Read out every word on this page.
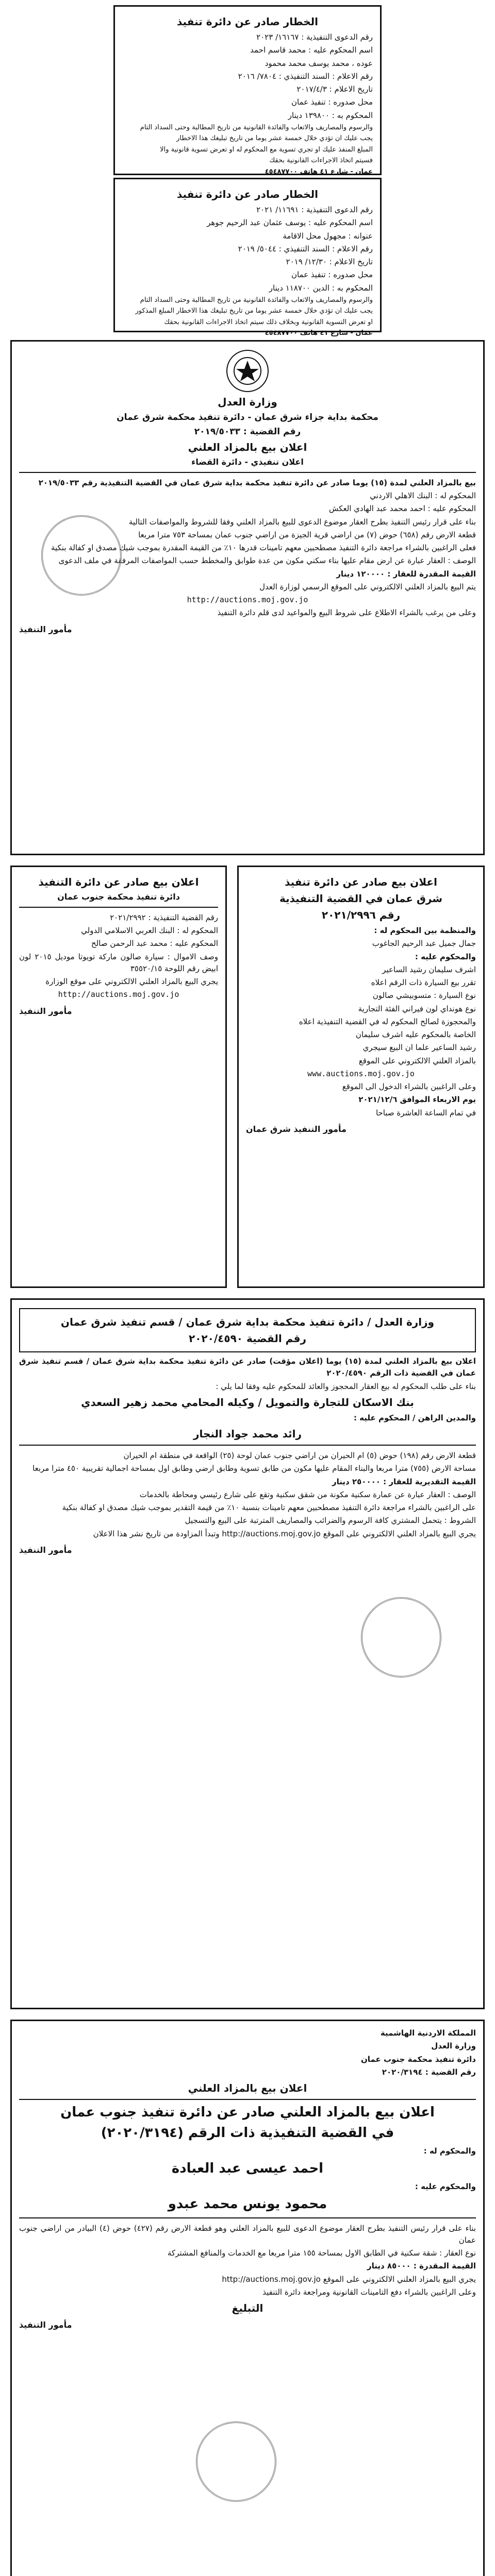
الخطار صادر عن دائرة تنفيذ
رقم الدعوى التنفيذية : ١٦١٦٧/ ٢٠٢٣
اسم المحكوم عليه : محمد قاسم احمد
عوده ، محمد يوسف محمد محمود
رقم الاعلام : السند التنفيذي : ٧٨٠٤/ ٢٠١٦
تاريخ الاعلام : ٢٠١٧/٤/٣
محل صدوره : تنفيذ عمان
المحكوم به : ١٣٩٨٠٠ دينار
والرسوم والمصاريف والاتعاب والفائدة القانونية من تاريخ المطالبة وحتى السداد التام
يجب عليك ان تؤدي خلال خمسة عشر يوما من تاريخ تبليغك هذا الاخطار
المبلغ المنفذ عليك او تجري تسوية مع المحكوم له او تعرض تسوية قانونية والا
فسيتم اتخاذ الاجراءات القانونية بحقك
عمان - شارع ٤١ هاتف ٤٥٤٨٧٧٠٠
الخطار صادر عن دائرة تنفيذ
رقم الدعوى التنفيذية : ١١٦٩١/ ٢٠٢١
اسم المحكوم عليه : يوسف عثمان عبد الرحيم جوهر
عنوانه : مجهول محل الاقامة
رقم الاعلام : السند التنفيذي : ٥٠٤٤/ ٢٠١٩
تاريخ الاعلام : ١٢/٣٠/ ٢٠١٩
محل صدوره : تنفيذ عمان
المحكوم به : الدين ١١٨٧٠٠ دينار
والرسوم والمصاريف والاتعاب والفائدة القانونية من تاريخ المطالبة وحتى السداد التام
يجب عليك ان تؤدي خلال خمسة عشر يوما من تاريخ تبليغك هذا الاخطار المبلغ المذكور
او تعرض التسوية القانونية وبخلاف ذلك سيتم اتخاذ الاجراءات القانونية بحقك
عمان - شارع ٤١ هاتف ٤٥٤٨٧٧٠٠
وزارة العدل
محكمة بداية جزاء شرق عمان - دائرة تنفيذ محكمة شرق عمان
رقم القضية : ٢٠١٩/٥٠٣٣
اعلان بيع بالمزاد العلني
اعلان تنفيذي - دائرة القضاء
بيع بالمزاد العلني لمدة (١٥) يوما صادر عن دائرة تنفيذ محكمة بداية شرق عمان في القضية التنفيذية رقم ٢٠١٩/٥٠٣٣
المحكوم له : البنك الاهلي الاردني
المحكوم عليه : احمد محمد عبد الهادي العكش
بناء على قرار رئيس التنفيذ بطرح العقار موضوع الدعوى للبيع بالمزاد العلني وفقا للشروط والمواصفات التالية
قطعة الارض رقم (٦٥٨) حوض (٧) من اراضي قرية الجيزة من اراضي جنوب عمان بمساحة ٧٥٣ مترا مربعا
فعلى الراغبين بالشراء مراجعة دائرة التنفيذ مصطحبين معهم تامينات قدرها ١٠٪ من القيمة المقدرة بموجب شيك مصدق او كفالة بنكية
الوصف : العقار عبارة عن ارض مقام عليها بناء سكني مكون من عدة طوابق والمخطط حسب المواصفات المرفقة في ملف الدعوى
القيمة المقدرة للعقار : ١٢٠٠٠٠ دينار
يتم البيع بالمزاد العلني الالكتروني على الموقع الرسمي لوزارة العدل
http://auctions.moj.gov.jo
وعلى من يرغب بالشراء الاطلاع على شروط البيع والمواعيد لدى قلم دائرة التنفيذ
مأمور التنفيذ
اعلان بيع صادر عن دائرة التنفيذ
دائرة تنفيذ محكمة جنوب عمان
رقم القضية التنفيذية : ٢٠٢١/٢٩٩٢
المحكوم له : البنك العربي الاسلامي الدولي
المحكوم عليه : محمد عبد الرحمن صالح
وصف الاموال : سيارة صالون ماركة تويوتا موديل ٢٠١٥ لون ابيض رقم اللوحة ٣٥٥٢٠/١٥
يجري البيع بالمزاد العلني الالكتروني على موقع الوزارة
http://auctions.moj.gov.jo
مأمور التنفيذ
اعلان بيع صادر عن دائرة تنفيذ
شرق عمان في القضية التنفيذية
رقم ٢٠٢١/٢٩٩٦
والمنظمة بين المحكوم له :
جمال جميل عبد الرحيم الجاغوب
والمحكوم عليه :
اشرف سليمان رشيد الساعير
تقرر بيع السيارة ذات الرقم اعلاه
نوع السيارة : متسوبيشي صالون
نوع هونداي لون فيراني الفئة التجارية
والمحجوزة لصالح المحكوم له في القضية التنفيذية اعلاه
الخاصة بالمحكوم عليه اشرف سليمان
رشيد الساعير علما ان البيع سيجري
بالمزاد العلني الالكتروني على الموقع
www.auctions.moj.gov.jo
وعلى الراغبين بالشراء الدخول الى الموقع
يوم الاربعاء الموافق ٢٠٢١/١٢/٦
في تمام الساعة العاشرة صباحا
مأمور التنفيذ شرق عمان
وزارة العدل / دائرة تنفيذ محكمة بداية شرق عمان / قسم تنفيذ شرق عمان
رقم القضية ٢٠٢٠/٤٥٩٠
اعلان بيع بالمزاد العلني لمدة (١٥) يوما (اعلان مؤقت) صادر عن دائرة تنفيذ محكمة بداية شرق عمان / قسم تنفيذ شرق عمان في القضية ذات الرقم ٢٠٢٠/٤٥٩٠
بناء على طلب المحكوم له بيع العقار المحجوز والعائد للمحكوم عليه وفقا لما يلي :
بنك الاسكان للتجارة والتمويل / وكيله المحامي محمد زهير السعدي
والمدين الراهن / المحكوم عليه :
رائد محمد جواد النجار
قطعة الارض رقم (١٩٨) حوض (٥) ام الحيران من اراضي جنوب عمان لوحة (٢٥) الواقعة في منطقة ام الحيران
مساحة الارض (٧٥٥) مترا مربعا والبناء المقام عليها مكون من طابق تسوية وطابق ارضي وطابق اول بمساحة اجمالية تقريبية ٤٥٠ مترا مربعا
القيمة التقديرية للعقار : ٢٥٠٠٠٠ دينار
الوصف : العقار عبارة عن عمارة سكنية مكونة من شقق سكنية وتقع على شارع رئيسي ومحاطة بالخدمات
على الراغبين بالشراء مراجعة دائرة التنفيذ مصطحبين معهم تامينات بنسبة ١٠٪ من قيمة التقدير بموجب شيك مصدق او كفالة بنكية
الشروط : يتحمل المشتري كافة الرسوم والضرائب والمصاريف المترتبة على البيع والتسجيل
يجري البيع بالمزاد العلني الالكتروني على الموقع http://auctions.moj.gov.jo وتبدأ المزاودة من تاريخ نشر هذا الاعلان
مأمور التنفيذ
المملكة الاردنية الهاشمية
وزارة العدل
دائرة تنفيذ محكمة جنوب عمان
رقم القضية : ٢٠٢٠/٣١٩٤
اعلان بيع بالمزاد العلني
اعلان بيع بالمزاد العلني صادر عن دائرة تنفيذ جنوب عمان
في القضية التنفيذية ذات الرقم (٢٠٢٠/٣١٩٤)
والمحكوم له :
احمد عيسى عبد العبادة
والمحكوم عليه :
محمود يونس محمد عبدو
بناء على قرار رئيس التنفيذ بطرح العقار موضوع الدعوى للبيع بالمزاد العلني وهو قطعة الارض رقم (٤٢٧) حوض (٤) البيادر من اراضي جنوب عمان
نوع العقار : شقة سكنية في الطابق الاول بمساحة ١٥٥ مترا مربعا مع الخدمات والمنافع المشتركة
القيمة المقدرة : ٨٥٠٠٠ دينار
يجري البيع بالمزاد العلني الالكتروني على الموقع http://auctions.moj.gov.jo
وعلى الراغبين بالشراء دفع التامينات القانونية ومراجعة دائرة التنفيذ
التبليغ
مأمور التنفيذ
